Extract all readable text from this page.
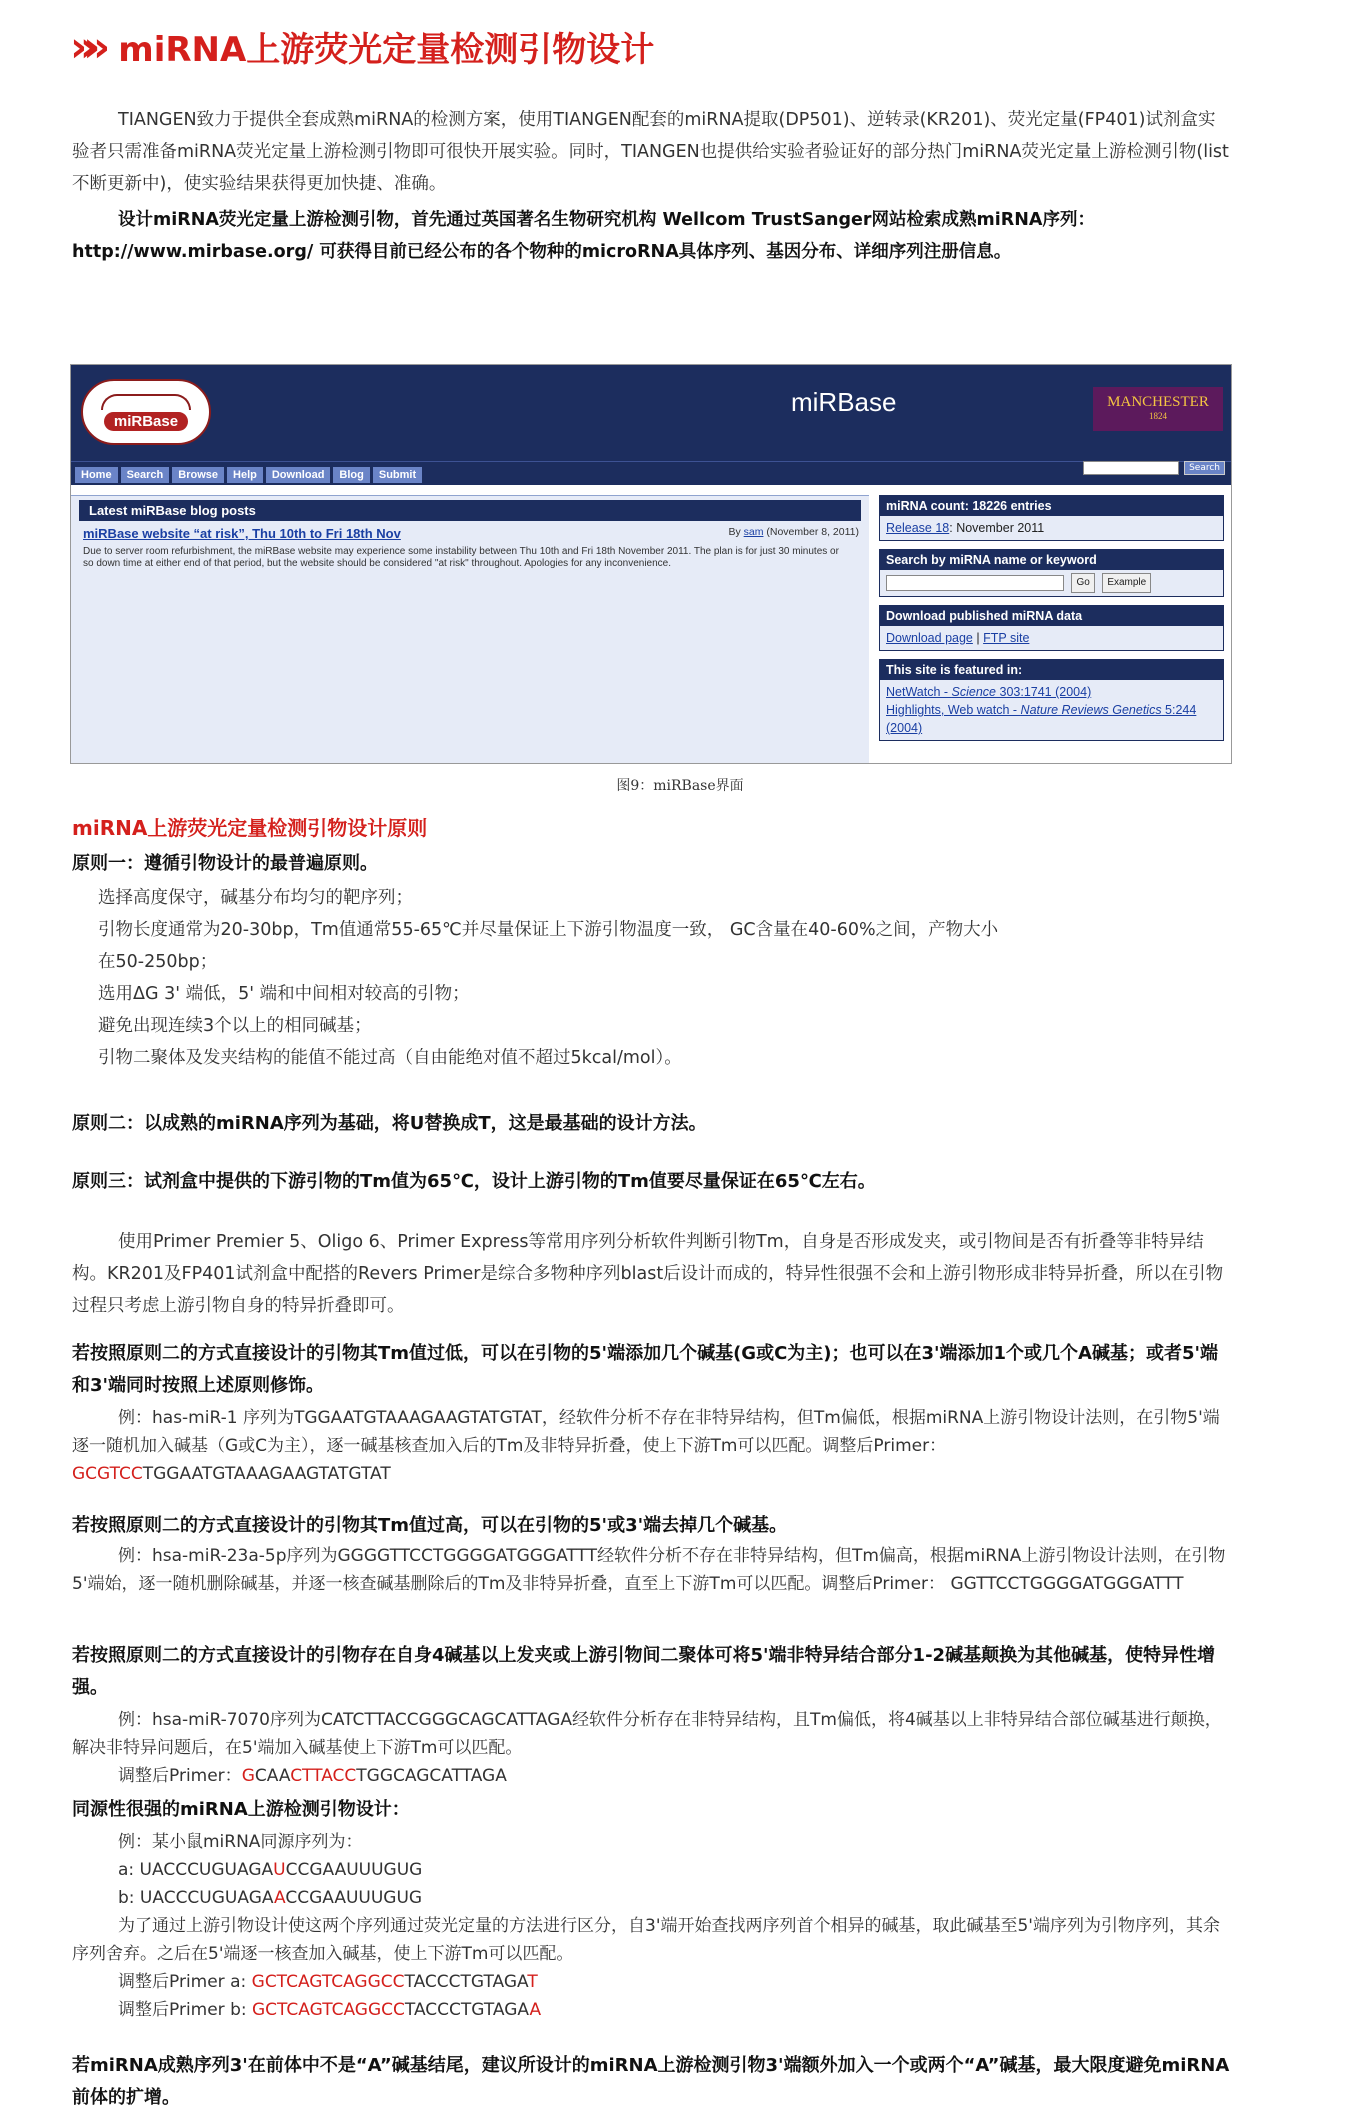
»» miRNA上游荧光定量检测引物设计
TIANGEN致力于提供全套成熟miRNA的检测方案，使用TIANGEN配套的miRNA提取(DP501)、逆转录(KR201)、荧光定量(FP401)试剂盒实验者只需准备miRNA荧光定量上游检测引物即可很快开展实验。同时，TIANGEN也提供给实验者验证好的部分热门miRNA荧光定量上游检测引物(list不断更新中)，使实验结果获得更加快捷、准确。
设计miRNA荧光定量上游检测引物，首先通过英国著名生物研究机构 Wellcom TrustSanger网站检索成熟miRNA序列：http://www.mirbase.org/ 可获得目前已经公布的各个物种的microRNA具体序列、基因分布、详细序列注册信息。
miRBase
miRBase	MANCHESTER
1824
Home	Search	Browse	Help	Download	Blog	Submit
Search
Latest miRBase blog posts
miRBase website “at risk”, Thu 10th to Fri 18th Nov	By sam (November 8, 2011)
Due to server room refurbishment, the miRBase website may experience some instability between Thu 10th and Fri 18th November 2011. The plan is for just 30 minutes or so down time at either end of that period, but the website should be considered "at risk" throughout. Apologies for any inconvenience.
miRNA count: 18226 entries
Release 18: November 2011
Search by miRNA name or keyword
Go Example
Download published miRNA data
Download page | FTP site
This site is featured in:
NetWatch - Science 303:1741 (2004)
Highlights, Web watch - Nature Reviews Genetics 5:244 (2004)
图9：miRBase界面
miRNA上游荧光定量检测引物设计原则
原则一：遵循引物设计的最普遍原则。
选择高度保守，碱基分布均匀的靶序列；
引物长度通常为20-30bp，Tm值通常55-65℃并尽量保证上下游引物温度一致， GC含量在40-60%之间，产物大小
在50-250bp；
选用ΔG 3' 端低，5' 端和中间相对较高的引物；
避免出现连续3个以上的相同碱基；
引物二聚体及发夹结构的能值不能过高（自由能绝对值不超过5kcal/mol）。
原则二：以成熟的miRNA序列为基础，将U替换成T，这是最基础的设计方法。
原则三：试剂盒中提供的下游引物的Tm值为65℃，设计上游引物的Tm值要尽量保证在65℃左右。
使用Primer Premier 5、Oligo 6、Primer Express等常用序列分析软件判断引物Tm，自身是否形成发夹，或引物间是否有折叠等非特异结构。KR201及FP401试剂盒中配搭的Revers Primer是综合多物种序列blast后设计而成的，特异性很强不会和上游引物形成非特异折叠，所以在引物过程只考虑上游引物自身的特异折叠即可。
若按照原则二的方式直接设计的引物其Tm值过低，可以在引物的5'端添加几个碱基(G或C为主)；也可以在3'端添加1个或几个A碱基；或者5'端和3'端同时按照上述原则修饰。
例：has-miR-1 序列为TGGAATGTAAAGAAGTATGTAT，经软件分析不存在非特异结构，但Tm偏低，根据miRNA上游引物设计法则，在引物5'端逐一随机加入碱基（G或C为主），逐一碱基核查加入后的Tm及非特异折叠，使上下游Tm可以匹配。调整后Primer： GCGTCCTGGAATGTAAAGAAGTATGTAT
若按照原则二的方式直接设计的引物其Tm值过高，可以在引物的5'或3'端去掉几个碱基。
例：hsa-miR-23a-5p序列为GGGGTTCCTGGGGATGGGATTT经软件分析不存在非特异结构，但Tm偏高，根据miRNA上游引物设计法则，在引物5'端始，逐一随机删除碱基，并逐一核查碱基删除后的Tm及非特异折叠，直至上下游Tm可以匹配。调整后Primer： GGTTCCTGGGGATGGGATTT
若按照原则二的方式直接设计的引物存在自身4碱基以上发夹或上游引物间二聚体可将5'端非特异结合部分1-2碱基颠换为其他碱基，使特异性增强。
例：hsa-miR-7070序列为CATCTTACCGGGCAGCATTAGA经软件分析存在非特异结构，且Tm偏低，将4碱基以上非特异结合部位碱基进行颠换，解决非特异问题后，在5'端加入碱基使上下游Tm可以匹配。
调整后Primer：GCAACTTACCTGGCAGCATTAGA
同源性很强的miRNA上游检测引物设计：
例：某小鼠miRNA同源序列为：
a: UACCCUGUAGAUCCGAAUUUGUG
b: UACCCUGUAGAACCGAAUUUGUG
为了通过上游引物设计使这两个序列通过荧光定量的方法进行区分，自3'端开始查找两序列首个相异的碱基，取此碱基至5'端序列为引物序列，其余序列舍弃。之后在5'端逐一核查加入碱基，使上下游Tm可以匹配。
调整后Primer a: GCTCAGTCAGGCCTACCCTGTAGAT
调整后Primer b: GCTCAGTCAGGCCTACCCTGTAGAA
若miRNA成熟序列3'在前体中不是“A”碱基结尾，建议所设计的miRNA上游检测引物3'端额外加入一个或两个“A”碱基，最大限度避免miRNA前体的扩增。
